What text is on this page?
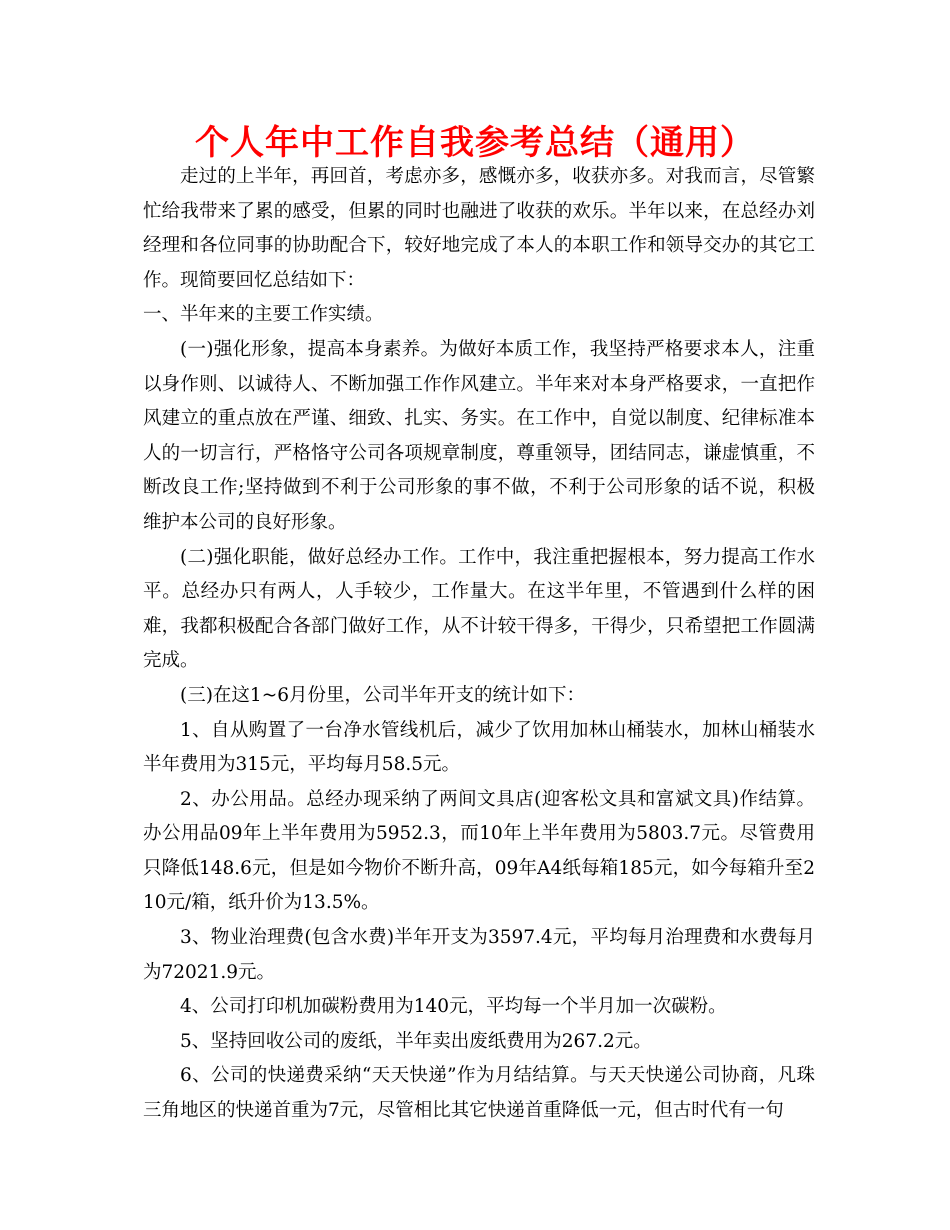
个人年中工作自我参考总结（通用）

走过的上半年，再回首，考虑亦多，感慨亦多，收获亦多。对我而言，尽管繁忙给我带来了累的感受，但累的同时也融进了收获的欢乐。半年以来，在总经办刘经理和各位同事的协助配合下，较好地完成了本人的本职工作和领导交办的其它工作。现简要回忆总结如下：

一、半年来的主要工作实绩。

(一)强化形象，提高本身素养。为做好本质工作，我坚持严格要求本人，注重以身作则、以诚待人、不断加强工作作风建立。半年来对本身严格要求，一直把作风建立的重点放在严谨、细致、扎实、务实。在工作中，自觉以制度、纪律标准本人的一切言行，严格恪守公司各项规章制度，尊重领导，团结同志，谦虚慎重，不断改良工作;坚持做到不利于公司形象的事不做，不利于公司形象的话不说，积极维护本公司的良好形象。

(二)强化职能，做好总经办工作。工作中，我注重把握根本，努力提高工作水平。总经办只有两人，人手较少，工作量大。在这半年里，不管遇到什么样的困难，我都积极配合各部门做好工作，从不计较干得多，干得少，只希望把工作圆满完成。

(三)在这1~6月份里，公司半年开支的统计如下：

1、自从购置了一台净水管线机后，减少了饮用加林山桶装水，加林山桶装水半年费用为315元，平均每月58.5元。

2、办公用品。总经办现采纳了两间文具店(迎客松文具和富斌文具)作结算。办公用品09年上半年费用为5952.3，而10年上半年费用为5803.7元。尽管费用只降低148.6元，但是如今物价不断升高，09年A4纸每箱185元，如今每箱升至210元/箱，纸升价为13.5%。

3、物业治理费(包含水费)半年开支为3597.4元，平均每月治理费和水费每月为72021.9元。

4、公司打印机加碳粉费用为140元，平均每一个半月加一次碳粉。

5、坚持回收公司的废纸，半年卖出废纸费用为267.2元。

6、公司的快递费采纳“天天快递”作为月结结算。与天天快递公司协商，凡珠三角地区的快递首重为7元，尽管相比其它快递首重降低一元，但古时代有一句
